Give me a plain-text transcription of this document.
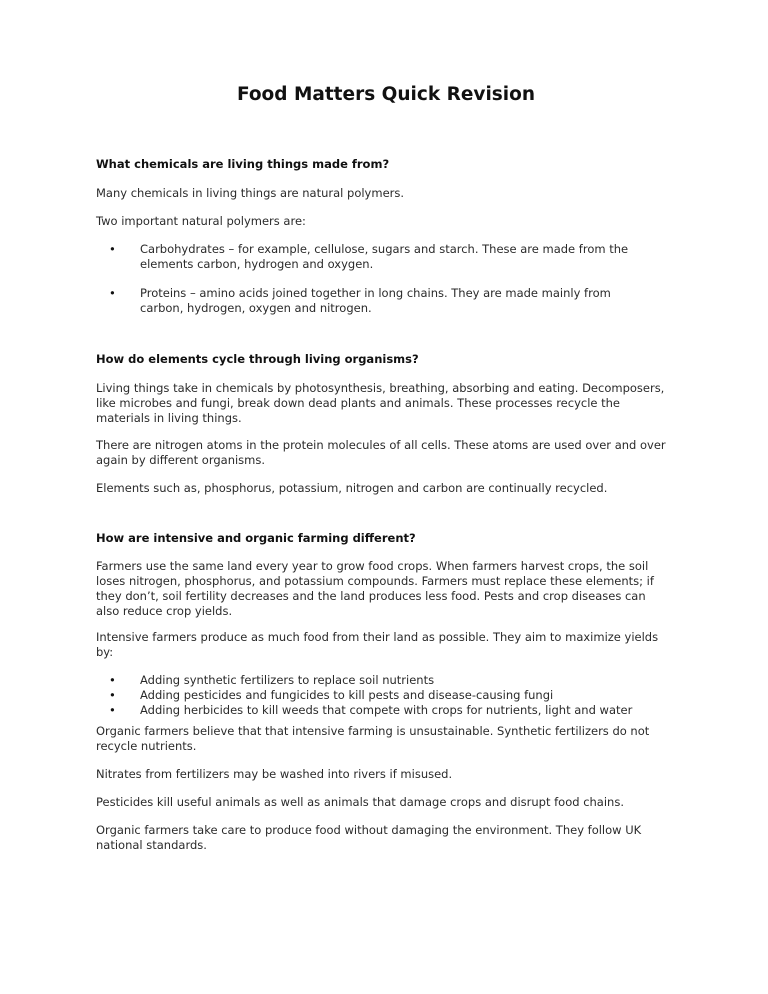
Food Matters Quick Revision
What chemicals are living things made from?

Many chemicals in living things are natural polymers.

Two important natural polymers are:

• Carbohydrates – for example, cellulose, sugars and starch. These are made from the elements carbon, hydrogen and oxygen.
• Proteins – amino acids joined together in long chains. They are made mainly from carbon, hydrogen, oxygen and nitrogen.
How do elements cycle through living organisms?

Living things take in chemicals by photosynthesis, breathing, absorbing and eating. Decomposers, like microbes and fungi, break down dead plants and animals. These processes recycle the materials in living things.

There are nitrogen atoms in the protein molecules of all cells. These atoms are used over and over again by different organisms.

Elements such as, phosphorus, potassium, nitrogen and carbon are continually recycled.

How are intensive and organic farming different?

Farmers use the same land every year to grow food crops. When farmers harvest crops, the soil loses nitrogen, phosphorus, and potassium compounds. Farmers must replace these elements; if they don’t, soil fertility decreases and the land produces less food. Pests and crop diseases can also reduce crop yields.

Intensive farmers produce as much food from their land as possible. They aim to maximize yields by:

• Adding synthetic fertilizers to replace soil nutrients
• Adding pesticides and fungicides to kill pests and disease-causing fungi
• Adding herbicides to kill weeds that compete with crops for nutrients, light and water

Organic farmers believe that that intensive farming is unsustainable. Synthetic fertilizers do not recycle nutrients.

Nitrates from fertilizers may be washed into rivers if misused.

Pesticides kill useful animals as well as animals that damage crops and disrupt food chains.

Organic farmers take care to produce food without damaging the environment. They follow UK national standards.
